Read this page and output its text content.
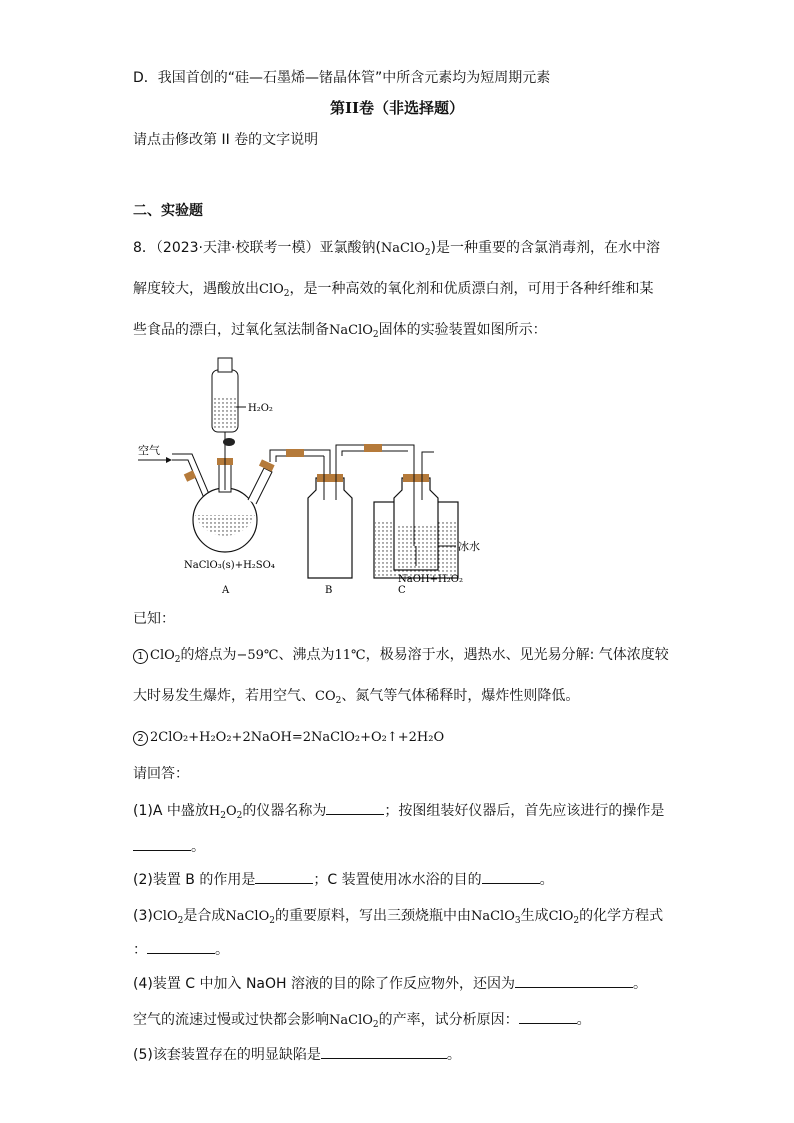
D．我国首创的“硅—石墨烯—锗晶体管”中所含元素均为短周期元素
第II卷（非选择题）
请点击修改第 II 卷的文字说明
二、实验题
8．（2023·天津·校联考一模）亚氯酸钠(NaClO$_2$)是一种重要的含氯消毒剂，在水中溶
解度较大，遇酸放出ClO$_2$，是一种高效的氧化剂和优质漂白剂，可用于各种纤维和某
些食品的漂白，过氧化氢法制备NaClO$_2$固体的实验装置如图所示：
空气
H₂O₂
冰水
NaClO₃(s)+H₂SO₄
NaOH+H₂O₂
A	B	C
已知：
1 ClO$_2$的熔点为−59℃、沸点为11℃，极易溶于水，遇热水、见光易分解: 气体浓度较
大时易发生爆炸，若用空气、$CO_2$、氮气等气体稀释时，爆炸性则降低。
2 2ClO₂+H₂O₂+2NaOH=2NaClO₂+O₂↑+2H₂O
请回答：
(1)A 中盛放$H_2O_2$的仪器名称为	；按图组装好仪器后，首先应该进行的操作是
。
(2)装置 B 的作用是	；C 装置使用冰水浴的目的	。
(3)ClO$_2$是合成NaClO$_2$的重要原料，写出三颈烧瓶中由NaClO$_3$生成ClO$_2$的化学方程式
：	。
(4)装置 C 中加入 NaOH 溶液的目的除了作反应物外，还因为	。
空气的流速过慢或过快都会影响NaClO$_2$的产率，试分析原因：	。
(5)该套装置存在的明显缺陷是	。
